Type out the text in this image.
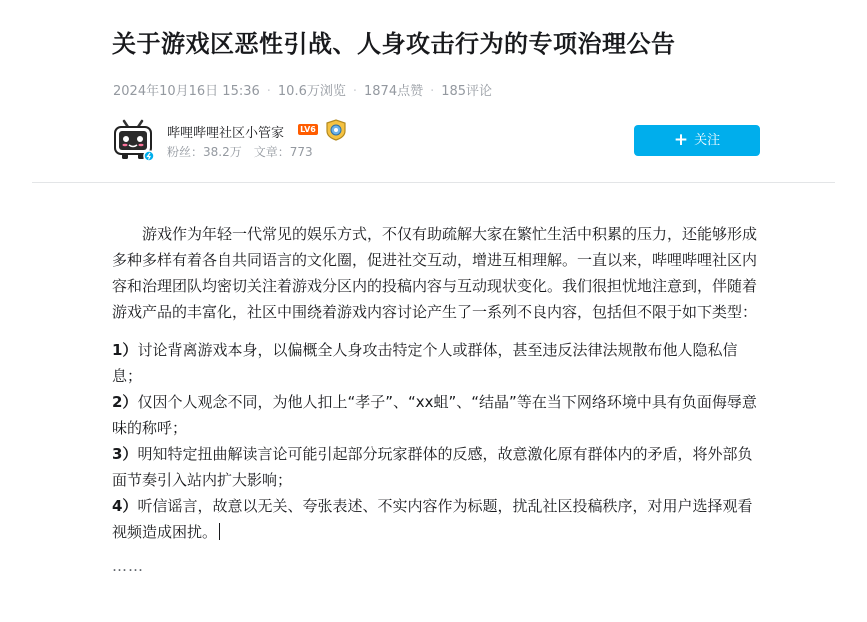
关于游戏区恶性引战、人身攻击行为的专项治理公告
2024年10月16日 15:36 · 10.6万浏览 · 1874点赞 · 185评论
哔哩哔哩社区小管家 LV6
粉丝：38.2万 文章：773
+ 关注

游戏作为年轻一代常见的娱乐方式，不仅有助疏解大家在繁忙生活中积累的压力，还能够形成多种多样有着各自共同语言的文化圈，促进社交互动，增进互相理解。一直以来，哔哩哔哩社区内容和治理团队均密切关注着游戏分区内的投稿内容与互动现状变化。我们很担忧地注意到，伴随着游戏产品的丰富化，社区中围绕着游戏内容讨论产生了一系列不良内容，包括但不限于如下类型：

1）讨论背离游戏本身，以偏概全人身攻击特定个人或群体，甚至违反法律法规散布他人隐私信息；

2）仅因个人观念不同，为他人扣上“孝子”、“xx蛆”、“结晶”等在当下网络环境中具有负面侮辱意味的称呼；

3）明知特定扭曲解读言论可能引起部分玩家群体的反感，故意激化原有群体内的矛盾，将外部负面节奏引入站内扩大影响；

4）听信谣言，故意以无关、夸张表述、不实内容作为标题，扰乱社区投稿秩序，对用户选择观看视频造成困扰。

……
